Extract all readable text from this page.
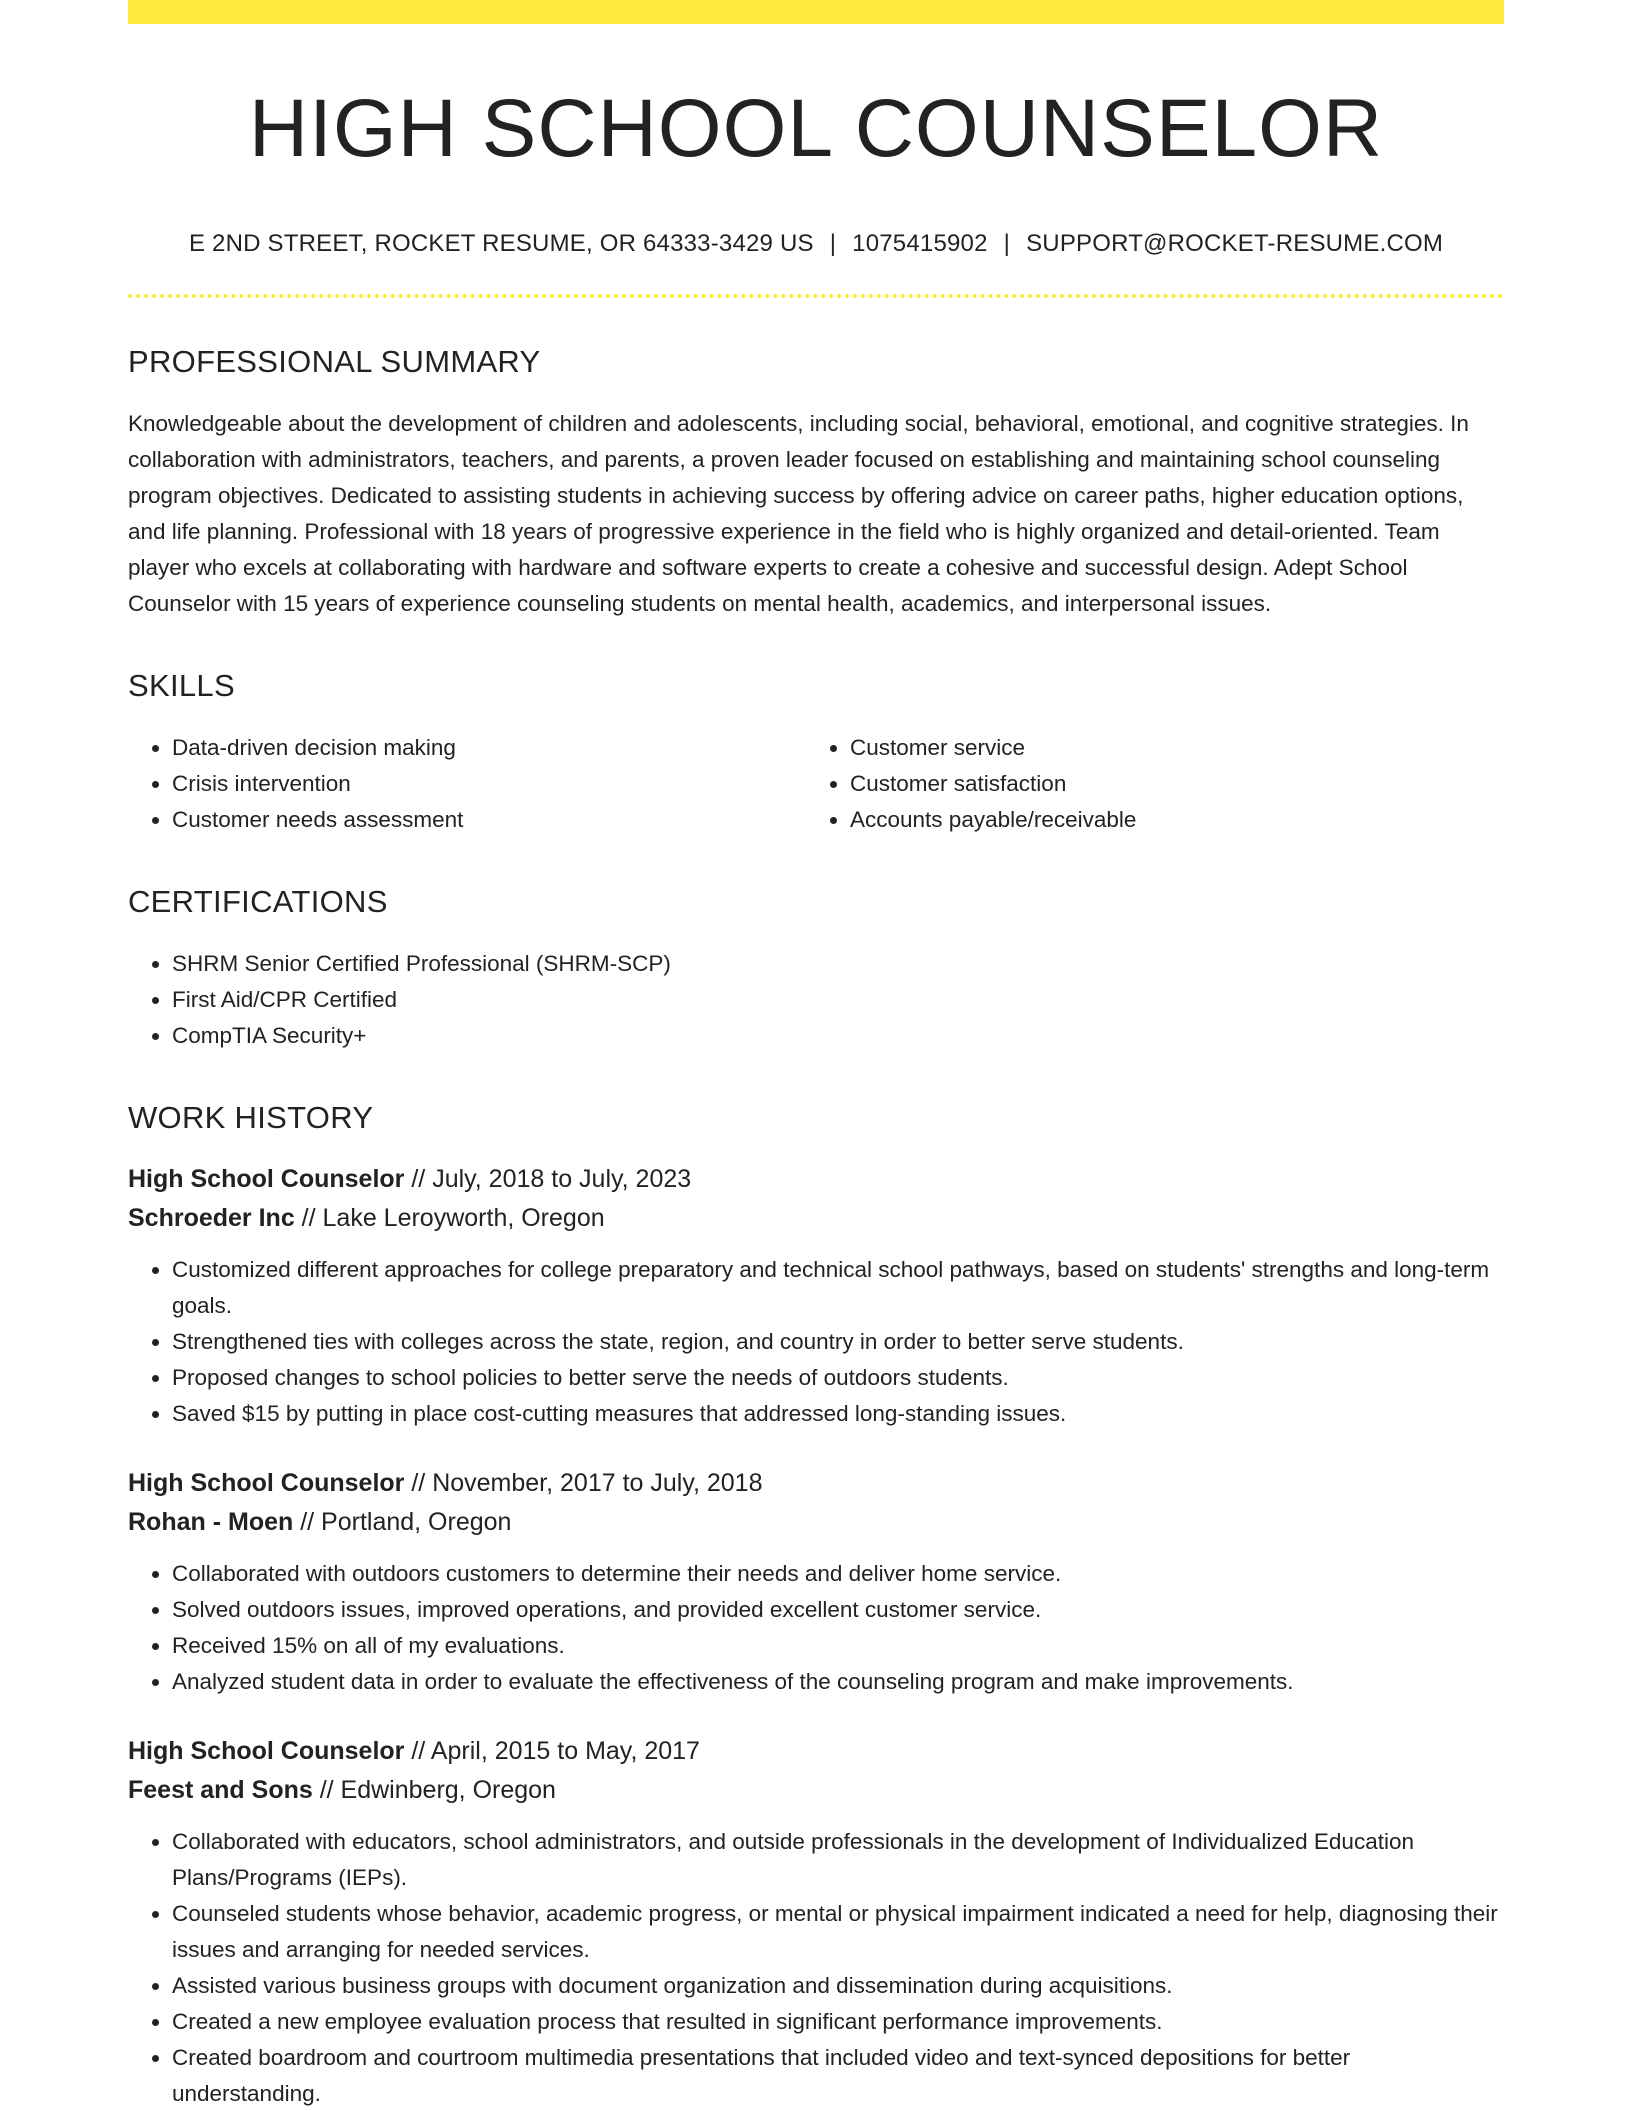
HIGH SCHOOL COUNSELOR
E 2ND STREET, ROCKET RESUME, OR 64333-3429 US | 1075415902 | SUPPORT@ROCKET-RESUME.COM
PROFESSIONAL SUMMARY

Knowledgeable about the development of children and adolescents, including social, behavioral, emotional, and cognitive strategies. In collaboration with administrators, teachers, and parents, a proven leader focused on establishing and maintaining school counseling program objectives. Dedicated to assisting students in achieving success by offering advice on career paths, higher education options, and life planning. Professional with 18 years of progressive experience in the field who is highly organized and detail-oriented. Team player who excels at collaborating with hardware and software experts to create a cohesive and successful design. Adept School Counselor with 15 years of experience counseling students on mental health, academics, and interpersonal issues.

SKILLS
• Data-driven decision making
• Crisis intervention
• Customer needs assessment
• Customer service
• Customer satisfaction
• Accounts payable/receivable
CERTIFICATIONS
• SHRM Senior Certified Professional (SHRM-SCP)
• First Aid/CPR Certified
• CompTIA Security+
WORK HISTORY
High School Counselor // July, 2018 to July, 2023
Schroeder Inc // Lake Leroyworth, Oregon
• Customized different approaches for college preparatory and technical school pathways, based on students' strengths and long-term goals.
• Strengthened ties with colleges across the state, region, and country in order to better serve students.
• Proposed changes to school policies to better serve the needs of outdoors students.
• Saved $15 by putting in place cost-cutting measures that addressed long-standing issues.
High School Counselor // November, 2017 to July, 2018
Rohan - Moen // Portland, Oregon
• Collaborated with outdoors customers to determine their needs and deliver home service.
• Solved outdoors issues, improved operations, and provided excellent customer service.
• Received 15% on all of my evaluations.
• Analyzed student data in order to evaluate the effectiveness of the counseling program and make improvements.
High School Counselor // April, 2015 to May, 2017
Feest and Sons // Edwinberg, Oregon
• Collaborated with educators, school administrators, and outside professionals in the development of Individualized Education Plans/Programs (IEPs).
• Counseled students whose behavior, academic progress, or mental or physical impairment indicated a need for help, diagnosing their issues and arranging for needed services.
• Assisted various business groups with document organization and dissemination during acquisitions.
• Created a new employee evaluation process that resulted in significant performance improvements.
• Created boardroom and courtroom multimedia presentations that included video and text-synced depositions for better understanding.
